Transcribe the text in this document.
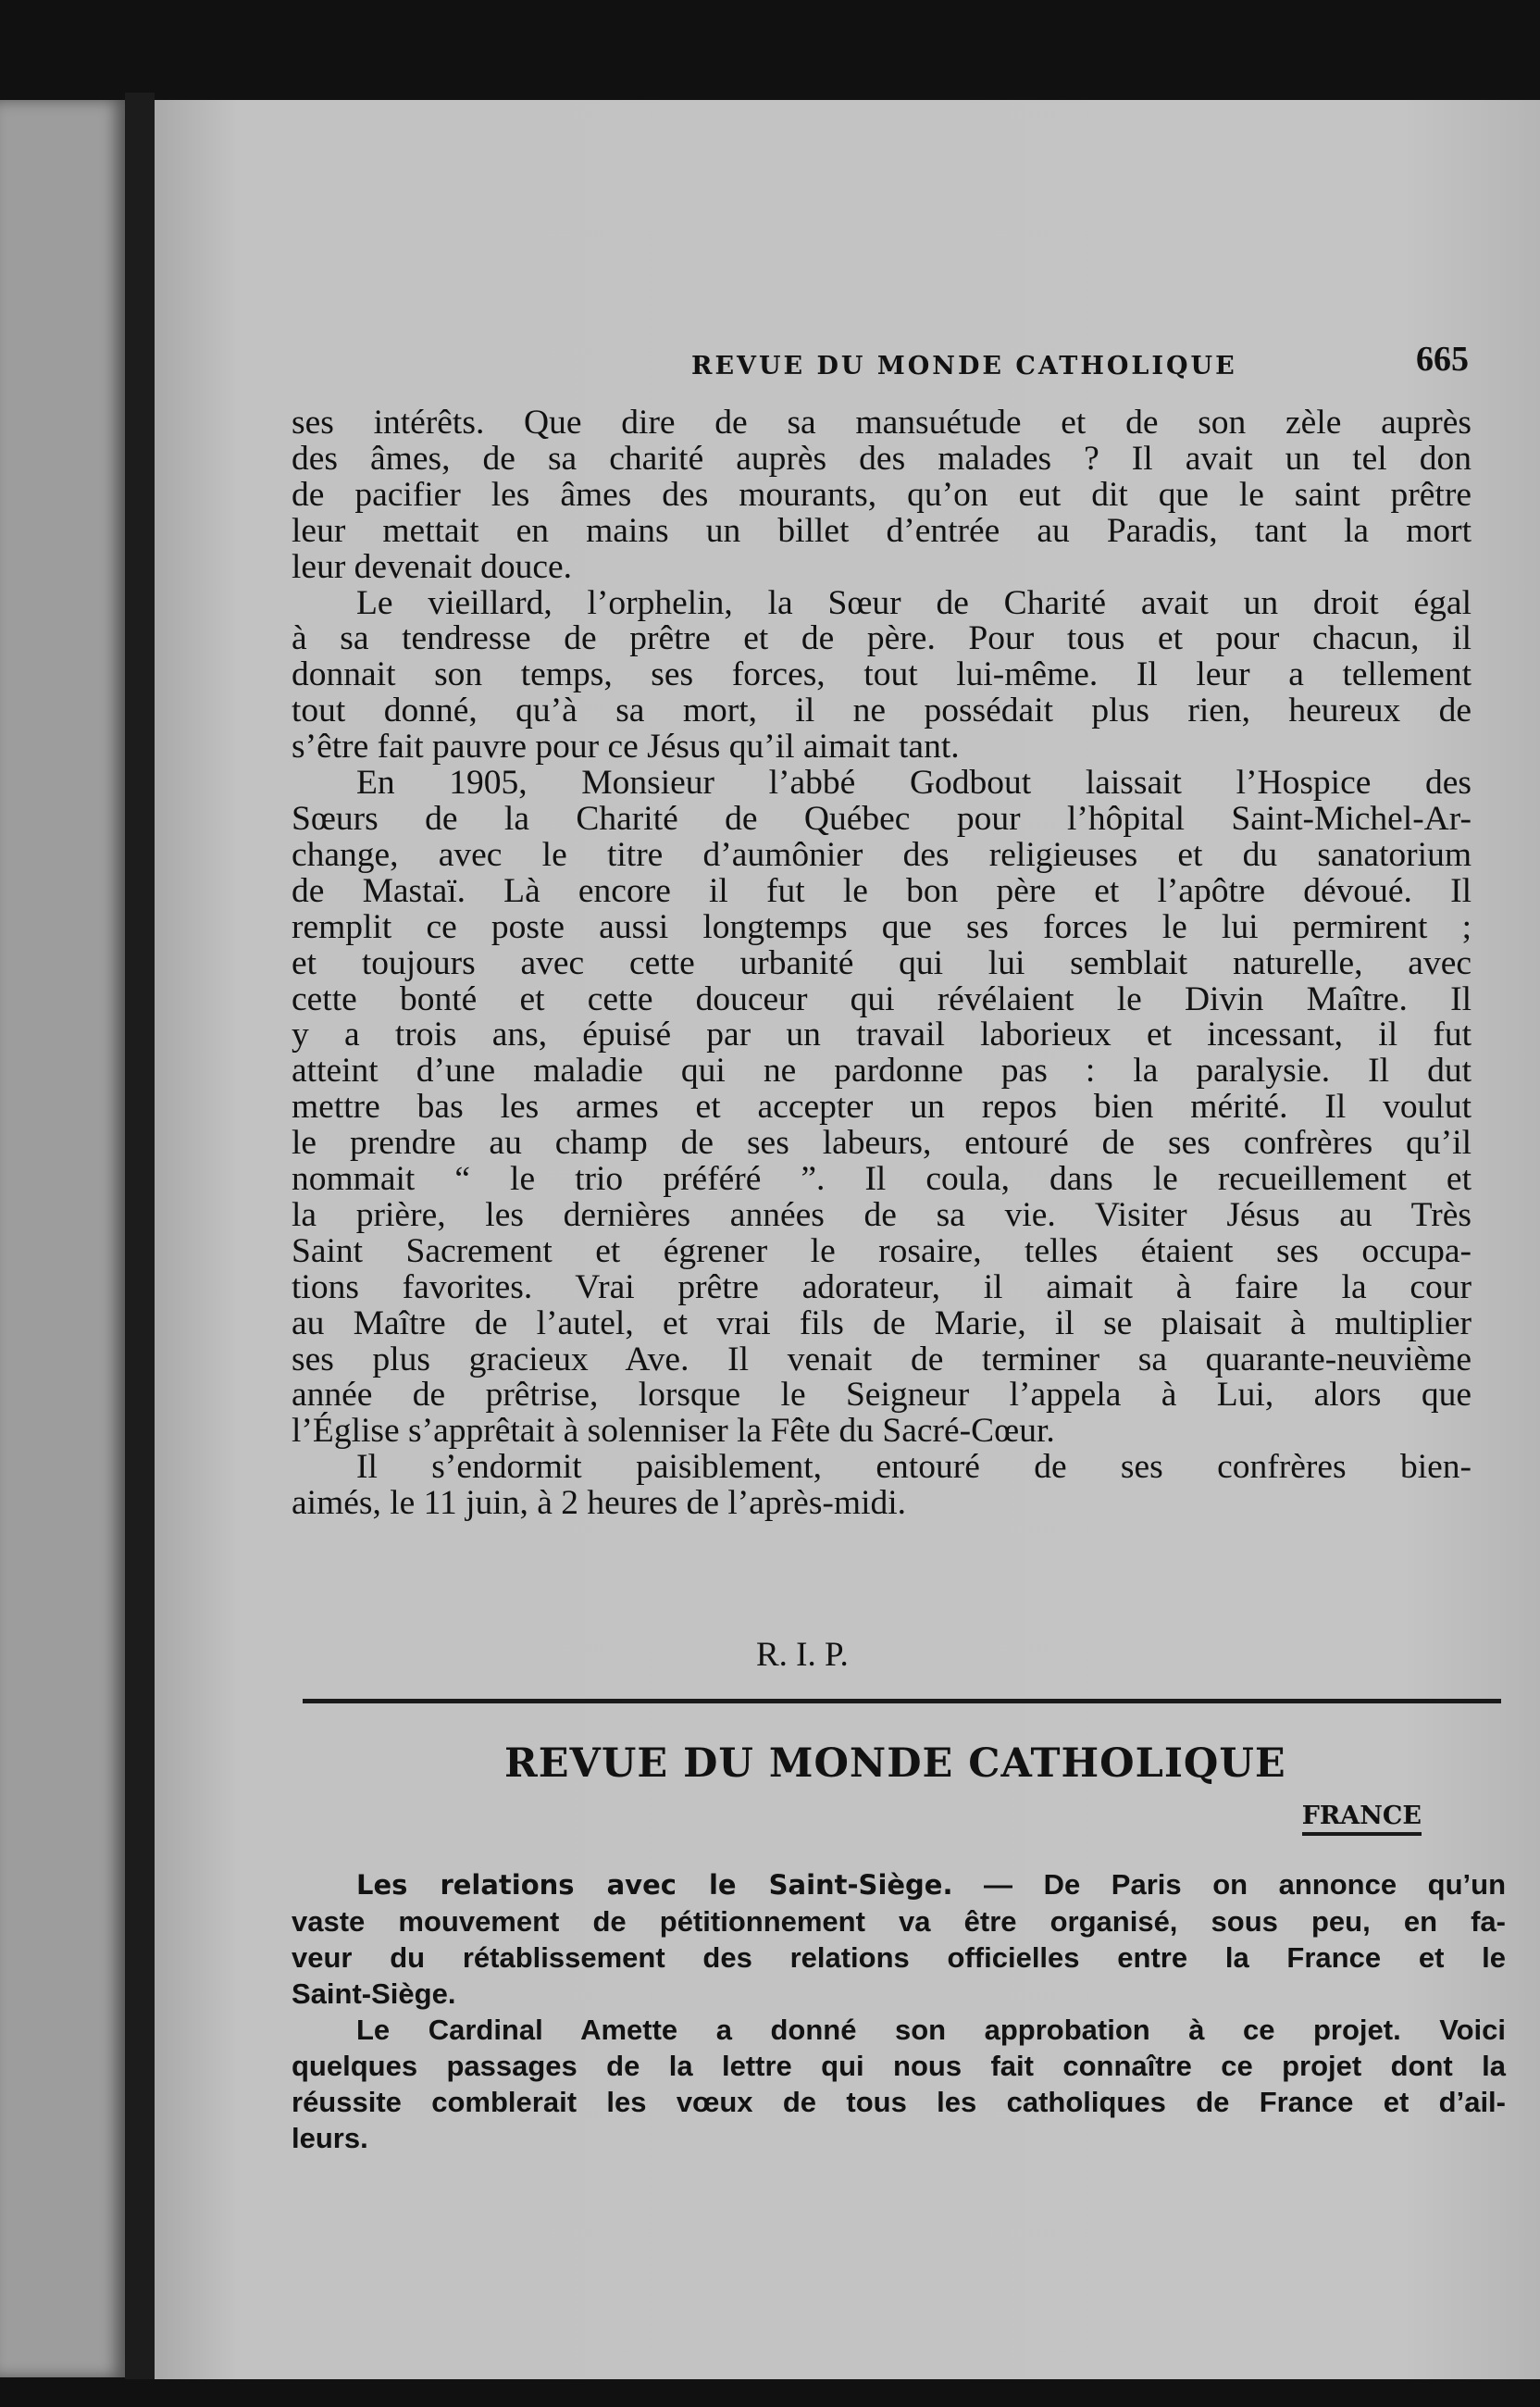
REVUE DU MONDE CATHOLIQUE	665
ses intérêts. Que dire de sa mansuétude et de son zèle auprès
des âmes, de sa charité auprès des malades ? Il avait un tel don
de pacifier les âmes des mourants, qu’on eut dit que le saint prêtre
leur mettait en mains un billet d’entrée au Paradis, tant la mort
leur devenait douce.
Le vieillard, l’orphelin, la Sœur de Charité avait un droit égal
à sa tendresse de prêtre et de père. Pour tous et pour chacun, il
donnait son temps, ses forces, tout lui-même. Il leur a tellement
tout donné, qu’à sa mort, il ne possédait plus rien, heureux de
s’être fait pauvre pour ce Jésus qu’il aimait tant.
En 1905, Monsieur l’abbé Godbout laissait l’Hospice des
Sœurs de la Charité de Québec pour l’hôpital Saint-Michel-Ar-
change, avec le titre d’aumônier des religieuses et du sanatorium
de Mastaï. Là encore il fut le bon père et l’apôtre dévoué. Il
remplit ce poste aussi longtemps que ses forces le lui permirent ;
et toujours avec cette urbanité qui lui semblait naturelle, avec
cette bonté et cette douceur qui révélaient le Divin Maître. Il
y a trois ans, épuisé par un travail laborieux et incessant, il fut
atteint d’une maladie qui ne pardonne pas : la paralysie. Il dut
mettre bas les armes et accepter un repos bien mérité. Il voulut
le prendre au champ de ses labeurs, entouré de ses confrères qu’il
nommait “ le trio préféré ”. Il coula, dans le recueillement et
la prière, les dernières années de sa vie. Visiter Jésus au Très
Saint Sacrement et égrener le rosaire, telles étaient ses occupa-
tions favorites. Vrai prêtre adorateur, il aimait à faire la cour
au Maître de l’autel, et vrai fils de Marie, il se plaisait à multiplier
ses plus gracieux Ave. Il venait de terminer sa quarante-neuvième
année de prêtrise, lorsque le Seigneur l’appela à Lui, alors que
l’Église s’apprêtait à solenniser la Fête du Sacré-Cœur.
Il s’endormit paisiblement, entouré de ses confrères bien-
aimés, le 11 juin, à 2 heures de l’après-midi.
R. I. P.
REVUE DU MONDE CATHOLIQUE
FRANCE
Les relations avec le Saint-Siège. — De Paris on annonce qu’un
vaste mouvement de pétitionnement va être organisé, sous peu, en fa-
veur du rétablissement des relations officielles entre la France et le
Saint-Siège.
Le Cardinal Amette a donné son approbation à ce projet. Voici
quelques passages de la lettre qui nous fait connaître ce projet dont la
réussite comblerait les vœux de tous les catholiques de France et d’ail-
leurs.
